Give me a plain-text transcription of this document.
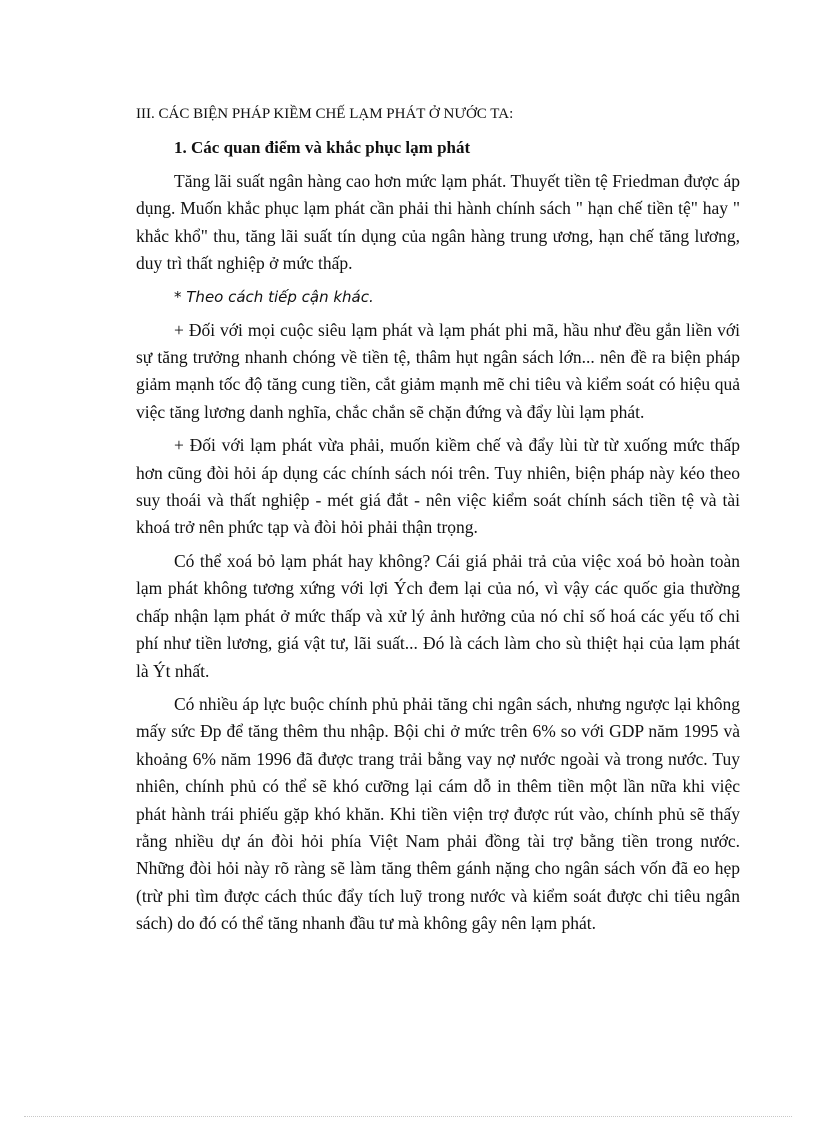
III. CÁC BIỆN PHÁP KIỀM CHẾ LẠM PHÁT Ở NƯỚC TA:
1. Các quan điểm và khắc phục lạm phát

Tăng lãi suất ngân hàng cao hơn mức lạm phát. Thuyết tiền tệ Friedman được áp dụng. Muốn khắc phục lạm phát cần phải thi hành chính sách " hạn chế tiền tệ" hay " khắc khổ" thu, tăng lãi suất tín dụng của ngân hàng trung ương, hạn chế tăng lương, duy trì thất nghiệp ở mức thấp.

* Theo cách tiếp cận khác.

+ Đối với mọi cuộc siêu lạm phát và lạm phát phi mã, hầu như đều gắn liền với sự tăng trưởng nhanh chóng về tiền tệ, thâm hụt ngân sách lớn... nên đề ra biện pháp giảm mạnh tốc độ tăng cung tiền, cắt giảm mạnh mẽ chi tiêu và kiểm soát có hiệu quả việc tăng lương danh nghĩa, chắc chắn sẽ chặn đứng và đẩy lùi lạm phát.

+ Đối với lạm phát vừa phải, muốn kiềm chế và đẩy lùi từ từ xuống mức thấp hơn cũng đòi hỏi áp dụng các chính sách nói trên. Tuy nhiên, biện pháp này kéo theo suy thoái và thất nghiệp - mét giá đắt - nên việc kiểm soát chính sách tiền tệ và tài khoá trở nên phức tạp và đòi hỏi phải thận trọng.

Có thể xoá bỏ lạm phát hay không? Cái giá phải trả của việc xoá bỏ hoàn toàn lạm phát không tương xứng với lợi Ých đem lại của nó, vì vậy các quốc gia thường chấp nhận lạm phát ở mức thấp và xử lý ảnh hưởng của nó chỉ số hoá các yếu tố chi phí như tiền lương, giá vật tư, lãi suất... Đó là cách làm cho sù thiệt hại của lạm phát là Ýt nhất.

Có nhiều áp lực buộc chính phủ phải tăng chi ngân sách, nhưng ngược lại không mấy sức Ðp để tăng thêm thu nhập. Bội chi ở mức trên 6% so với GDP năm 1995 và khoảng 6% năm 1996 đã được trang trải bằng vay nợ nước ngoài và trong nước. Tuy nhiên, chính phủ có thể sẽ khó cưỡng lại cám dỗ in thêm tiền một lần nữa khi việc phát hành trái phiếu gặp khó khăn. Khi tiền viện trợ được rút vào, chính phủ sẽ thấy rằng nhiều dự án đòi hỏi phía Việt Nam phải đồng tài trợ bằng tiền trong nước. Những đòi hỏi này rõ ràng sẽ làm tăng thêm gánh nặng cho ngân sách vốn đã eo hẹp (trừ phi tìm được cách thúc đẩy tích luỹ trong nước và kiểm soát được chi tiêu ngân sách) do đó có thể tăng nhanh đầu tư mà không gây nên lạm phát.
